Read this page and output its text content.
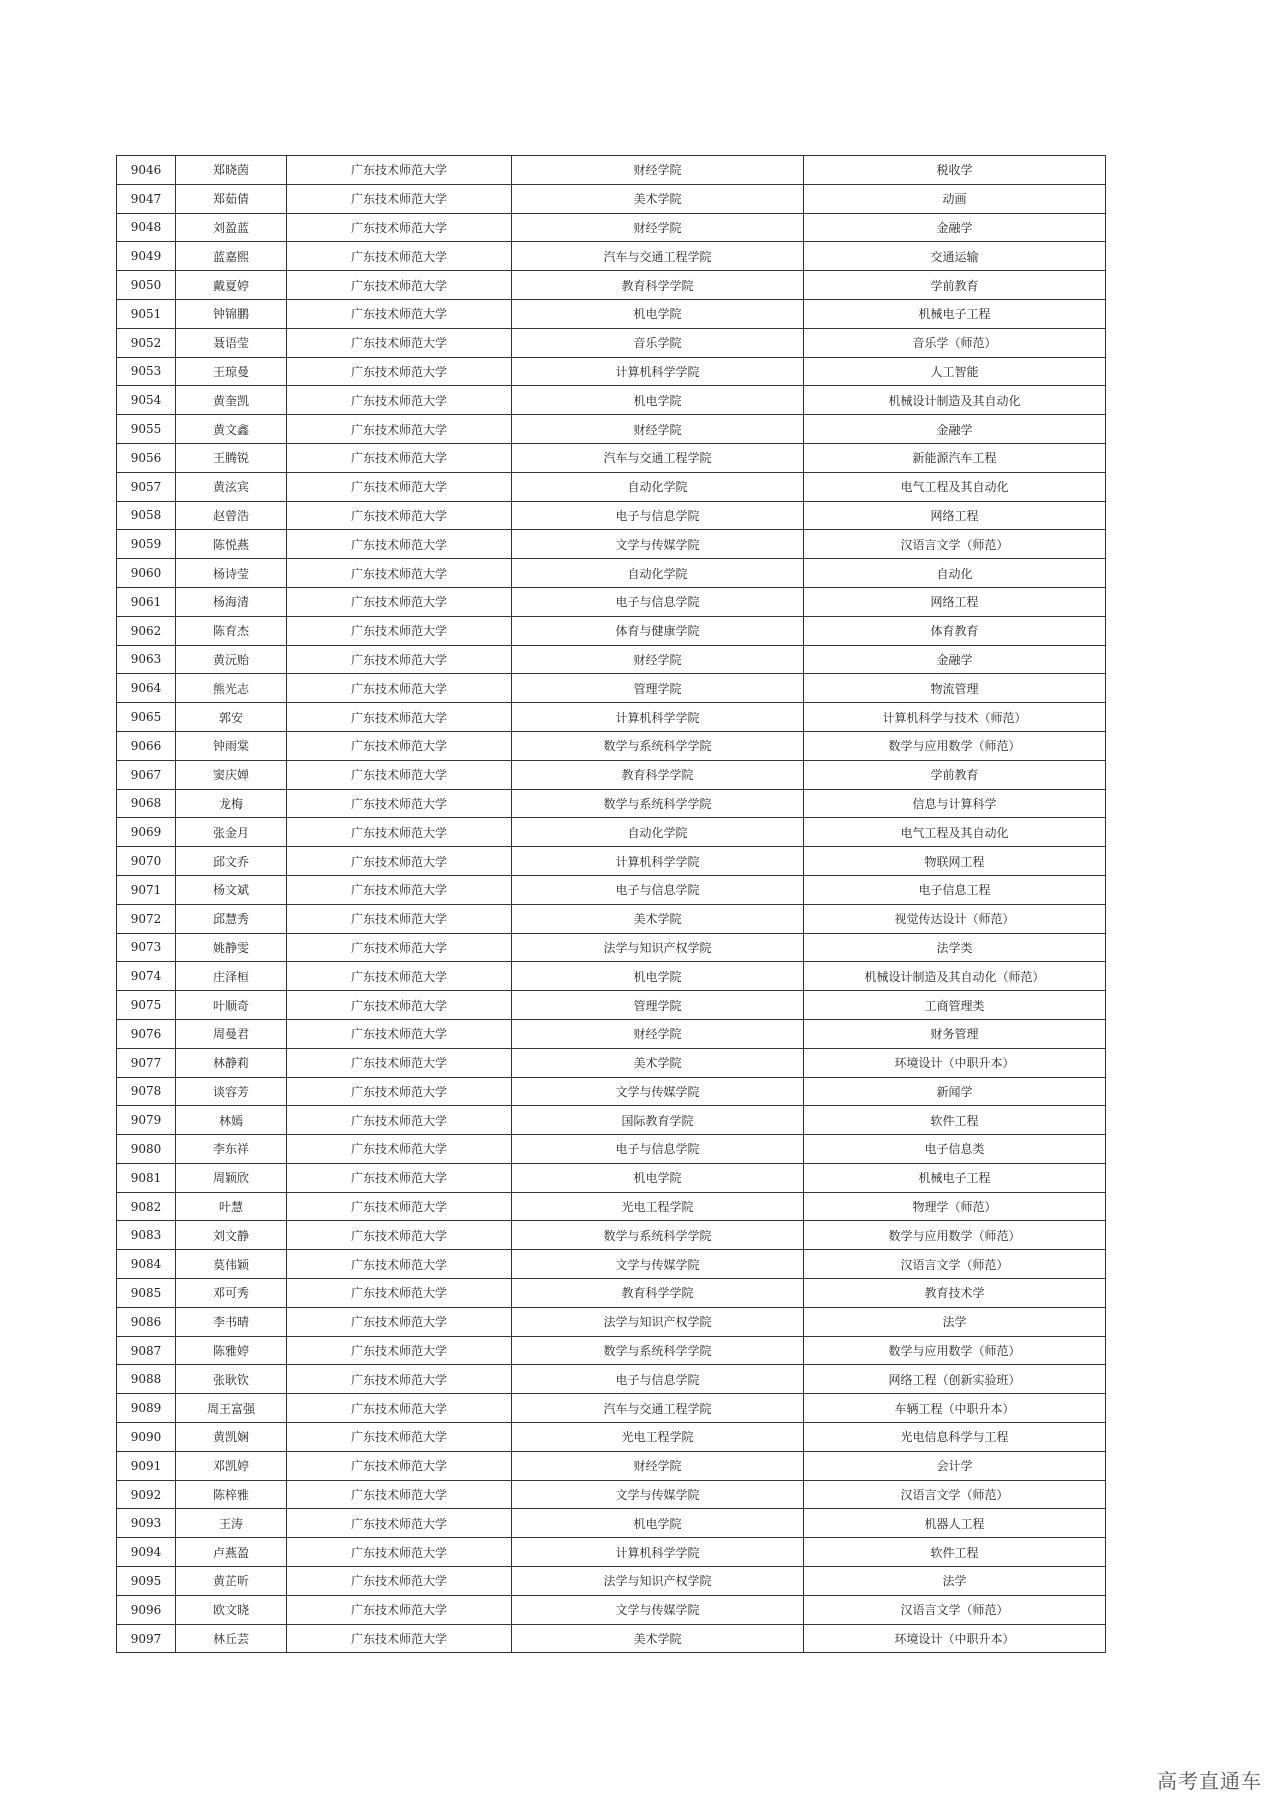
9046	郑晓茵	广东技术师范大学	财经学院	税收学
9047	郑茹倩	广东技术师范大学	美术学院	动画
9048	刘盈蓝	广东技术师范大学	财经学院	金融学
9049	蓝嘉熙	广东技术师范大学	汽车与交通工程学院	交通运输
9050	戴夏婷	广东技术师范大学	教育科学学院	学前教育
9051	钟锦鹏	广东技术师范大学	机电学院	机械电子工程
9052	聂语莹	广东技术师范大学	音乐学院	音乐学（师范）
9053	王琼曼	广东技术师范大学	计算机科学学院	人工智能
9054	黄奎凯	广东技术师范大学	机电学院	机械设计制造及其自动化
9055	黄文鑫	广东技术师范大学	财经学院	金融学
9056	王腾锐	广东技术师范大学	汽车与交通工程学院	新能源汽车工程
9057	黄泫宾	广东技术师范大学	自动化学院	电气工程及其自动化
9058	赵曾浩	广东技术师范大学	电子与信息学院	网络工程
9059	陈悦燕	广东技术师范大学	文学与传媒学院	汉语言文学（师范）
9060	杨诗莹	广东技术师范大学	自动化学院	自动化
9061	杨海清	广东技术师范大学	电子与信息学院	网络工程
9062	陈育杰	广东技术师范大学	体育与健康学院	体育教育
9063	黄沅贻	广东技术师范大学	财经学院	金融学
9064	熊光志	广东技术师范大学	管理学院	物流管理
9065	郭安	广东技术师范大学	计算机科学学院	计算机科学与技术（师范）
9066	钟雨棠	广东技术师范大学	数学与系统科学学院	数学与应用数学（师范）
9067	窦庆婵	广东技术师范大学	教育科学学院	学前教育
9068	龙梅	广东技术师范大学	数学与系统科学学院	信息与计算科学
9069	张金月	广东技术师范大学	自动化学院	电气工程及其自动化
9070	邱文乔	广东技术师范大学	计算机科学学院	物联网工程
9071	杨文斌	广东技术师范大学	电子与信息学院	电子信息工程
9072	邱慧秀	广东技术师范大学	美术学院	视觉传达设计（师范）
9073	姚静雯	广东技术师范大学	法学与知识产权学院	法学类
9074	庄泽桓	广东技术师范大学	机电学院	机械设计制造及其自动化（师范）
9075	叶顺奇	广东技术师范大学	管理学院	工商管理类
9076	周曼君	广东技术师范大学	财经学院	财务管理
9077	林静莉	广东技术师范大学	美术学院	环境设计（中职升本）
9078	谈容芳	广东技术师范大学	文学与传媒学院	新闻学
9079	林嫣	广东技术师范大学	国际教育学院	软件工程
9080	李东祥	广东技术师范大学	电子与信息学院	电子信息类
9081	周颖欣	广东技术师范大学	机电学院	机械电子工程
9082	叶慧	广东技术师范大学	光电工程学院	物理学（师范）
9083	刘文静	广东技术师范大学	数学与系统科学学院	数学与应用数学（师范）
9084	莫伟颖	广东技术师范大学	文学与传媒学院	汉语言文学（师范）
9085	邓可秀	广东技术师范大学	教育科学学院	教育技术学
9086	李书晴	广东技术师范大学	法学与知识产权学院	法学
9087	陈雅婷	广东技术师范大学	数学与系统科学学院	数学与应用数学（师范）
9088	张耿钦	广东技术师范大学	电子与信息学院	网络工程（创新实验班）
9089	周王富强	广东技术师范大学	汽车与交通工程学院	车辆工程（中职升本）
9090	黄凯娴	广东技术师范大学	光电工程学院	光电信息科学与工程
9091	邓凯婷	广东技术师范大学	财经学院	会计学
9092	陈梓雅	广东技术师范大学	文学与传媒学院	汉语言文学（师范）
9093	王涛	广东技术师范大学	机电学院	机器人工程
9094	卢燕盈	广东技术师范大学	计算机科学学院	软件工程
9095	黄芷昕	广东技术师范大学	法学与知识产权学院	法学
9096	欧文晓	广东技术师范大学	文学与传媒学院	汉语言文学（师范）
9097	林丘芸	广东技术师范大学	美术学院	环境设计（中职升本）
高考直通车
